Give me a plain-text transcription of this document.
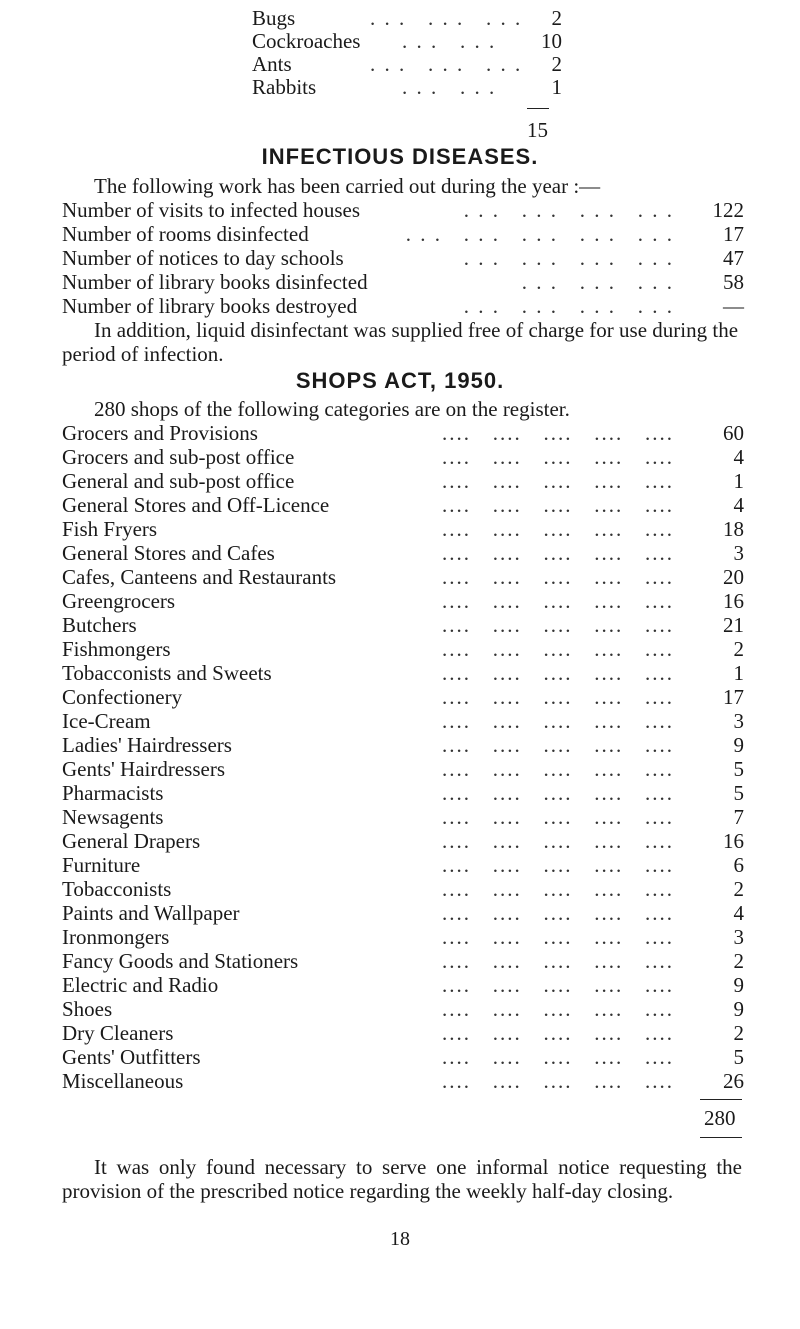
Bugs	. . .   . . .   . . .	2
Cockroaches . . .   . . .	10
Ants	. . .   . . .   . . .	2
Rabbits	. . .   . . .	1
15
INFECTIOUS DISEASES.
The following work has been carried out during the year :—
Number of visits to infected houses	. . .   . . .   . . .   . . .	122
Number of rooms disinfected	. . .   . . .   . . .   . . .   . . .	17
Number of notices to day schools	. . .   . . .   . . .   . . .	47
Number of library books disinfected	. . .   . . .   . . .	58
Number of library books destroyed	. . .   . . .   . . .   . . .	—
In addition, liquid disinfectant was supplied free of charge for use during the period of infection.
SHOPS ACT, 1950.
280 shops of the following categories are on the register.
Grocers and Provisions	....   ....   ....   ....   ....	60
Grocers and sub-post office	....   ....   ....   ....   ....	4
General and sub-post office	....   ....   ....   ....   ....	1
General Stores and Off-Licence	....   ....   ....   ....   ....	4
Fish Fryers	....   ....   ....   ....   ....	18
General Stores and Cafes	....   ....   ....   ....   ....	3
Cafes, Canteens and Restaurants	....   ....   ....   ....   ....	20
Greengrocers	....   ....   ....   ....   ....	16
Butchers	....   ....   ....   ....   ....	21
Fishmongers	....   ....   ....   ....   ....	2
Tobacconists and Sweets	....   ....   ....   ....   ....	1
Confectionery	....   ....   ....   ....   ....	17
Ice-Cream	....   ....   ....   ....   ....	3
Ladies' Hairdressers	....   ....   ....   ....   ....	9
Gents' Hairdressers	....   ....   ....   ....   ....	5
Pharmacists	....   ....   ....   ....   ....	5
Newsagents	....   ....   ....   ....   ....	7
General Drapers	....   ....   ....   ....   ....	16
Furniture	....   ....   ....   ....   ....	6
Tobacconists	....   ....   ....   ....   ....	2
Paints and Wallpaper	....   ....   ....   ....   ....	4
Ironmongers	....   ....   ....   ....   ....	3
Fancy Goods and Stationers	....   ....   ....   ....   ....	2
Electric and Radio	....   ....   ....   ....   ....	9
Shoes	....   ....   ....   ....   ....	9
Dry Cleaners	....   ....   ....   ....   ....	2
Gents' Outfitters	....   ....   ....   ....   ....	5
Miscellaneous	....   ....   ....   ....   ....	26
280
It was only found necessary to serve one informal notice requesting the provision of the prescribed notice regarding the weekly half-day closing.
18
